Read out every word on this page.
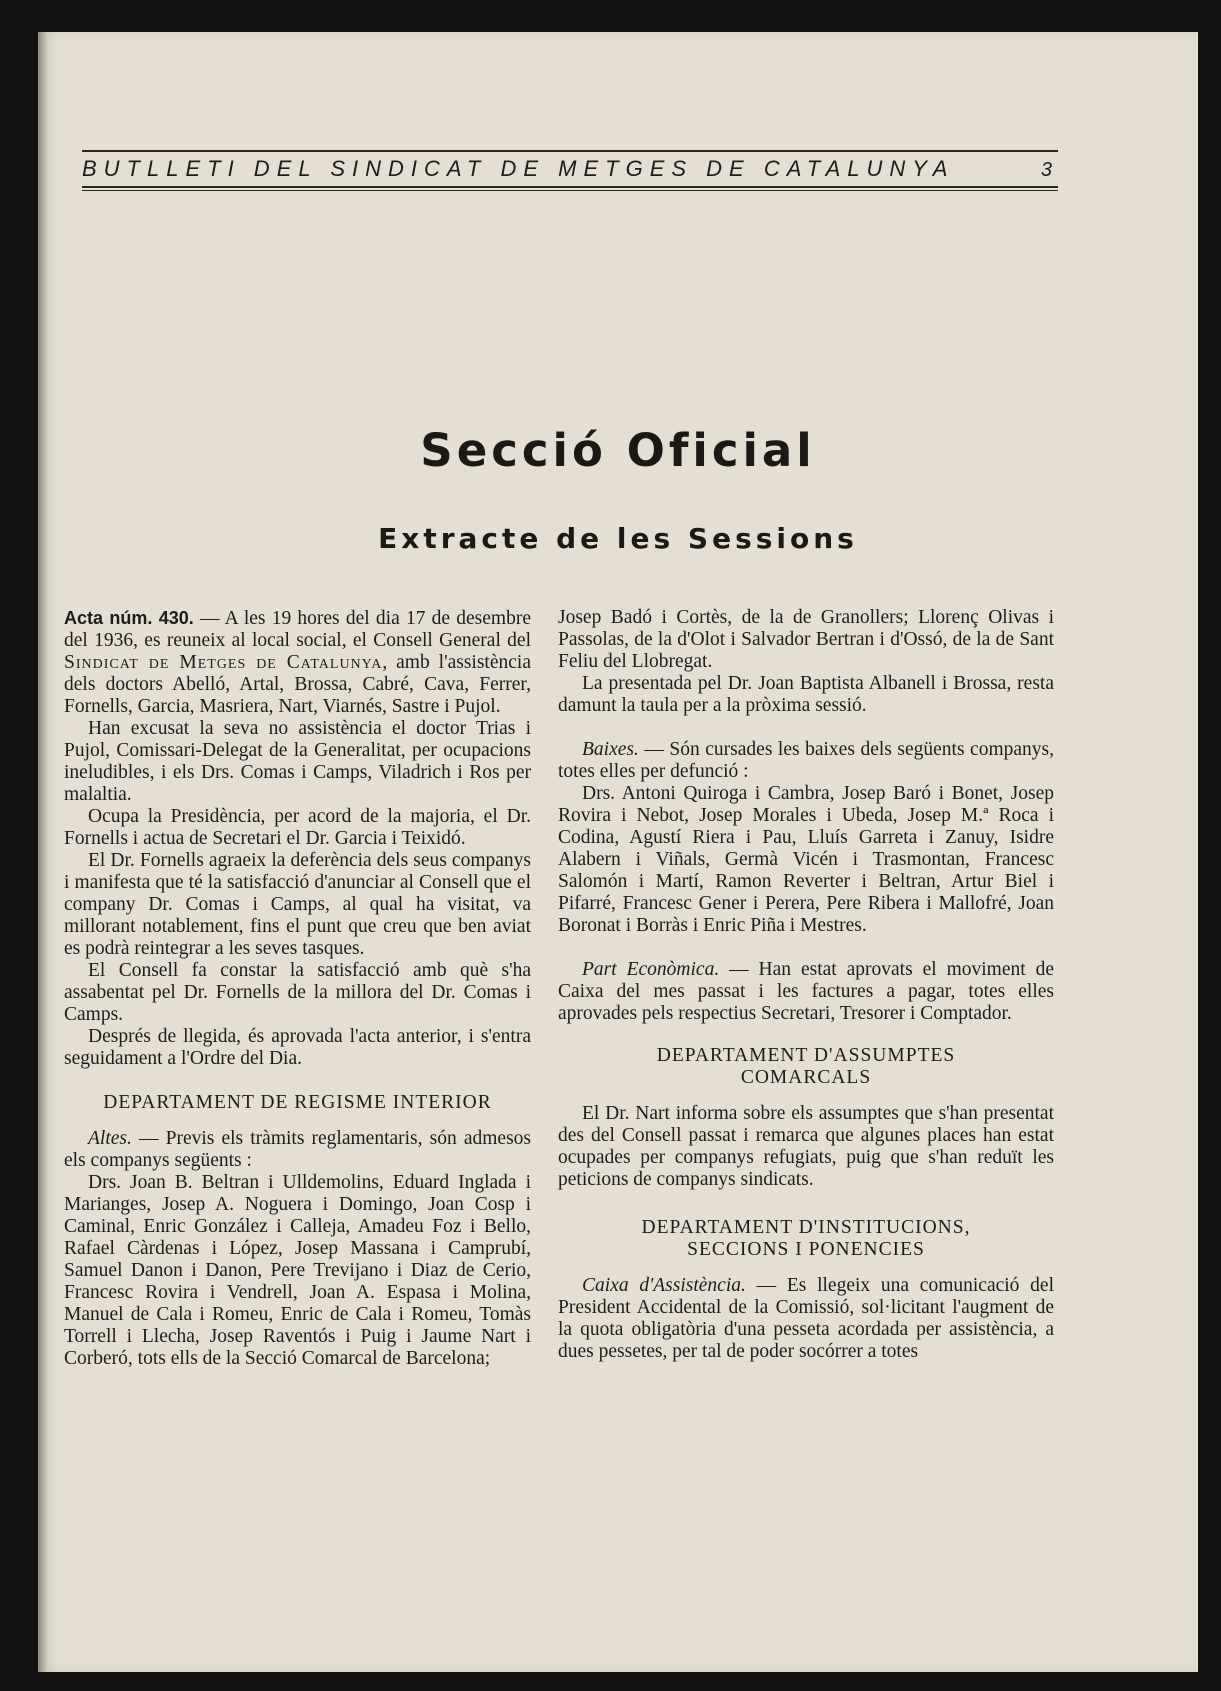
BUTLLETI DEL SINDICAT DE METGES DE CATALUNYA	3
Secció Oficial
Extracte de les Sessions

Acta núm. 430. — A les 19 hores del dia 17 de desembre del 1936, es reuneix al local social, el Consell General del Sindicat de Metges de Catalunya, amb l'assistència dels doctors Abelló, Artal, Brossa, Cabré, Cava, Ferrer, Fornells, Garcia, Masriera, Nart, Viarnés, Sastre i Pujol.

Han excusat la seva no assistència el doctor Trias i Pujol, Comissari-Delegat de la Generalitat, per ocupacions ineludibles, i els Drs. Comas i Camps, Viladrich i Ros per malaltia.

Ocupa la Presidència, per acord de la majoria, el Dr. Fornells i actua de Secretari el Dr. Garcia i Teixidó.

El Dr. Fornells agraeix la deferència dels seus companys i manifesta que té la satisfacció d'anunciar al Consell que el company Dr. Comas i Camps, al qual ha visitat, va millorant notablement, fins el punt que creu que ben aviat es podrà reintegrar a les seves tasques.

El Consell fa constar la satisfacció amb què s'ha assabentat pel Dr. Fornells de la millora del Dr. Comas i Camps.

Després de llegida, és aprovada l'acta anterior, i s'entra seguidament a l'Ordre del Dia.

DEPARTAMENT DE REGISME INTERIOR

Altes. — Previs els tràmits reglamentaris, són admesos els companys següents :

Drs. Joan B. Beltran i Ulldemolins, Eduard Inglada i Marianges, Josep A. Noguera i Domingo, Joan Cosp i Caminal, Enric González i Calleja, Amadeu Foz i Bello, Rafael Càrdenas i López, Josep Massana i Camprubí, Samuel Danon i Danon, Pere Trevijano i Diaz de Cerio, Francesc Rovira i Vendrell, Joan A. Espasa i Molina, Manuel de Cala i Romeu, Enric de Cala i Romeu, Tomàs Torrell i Llecha, Josep Raventós i Puig i Jaume Nart i Corberó, tots ells de la Secció Comarcal de Barcelona;

Josep Badó i Cortès, de la de Granollers; Llorenç Olivas i Passolas, de la d'Olot i Salvador Bertran i d'Ossó, de la de Sant Feliu del Llobregat.

La presentada pel Dr. Joan Baptista Albanell i Brossa, resta damunt la taula per a la pròxima sessió.

Baixes. — Són cursades les baixes dels següents companys, totes elles per defunció :

Drs. Antoni Quiroga i Cambra, Josep Baró i Bonet, Josep Rovira i Nebot, Josep Morales i Ubeda, Josep M.ª Roca i Codina, Agustí Riera i Pau, Lluís Garreta i Zanuy, Isidre Alabern i Viñals, Germà Vicén i Trasmontan, Francesc Salomón i Martí, Ramon Reverter i Beltran, Artur Biel i Pifarré, Francesc Gener i Perera, Pere Ribera i Mallofré, Joan Boronat i Borràs i Enric Piña i Mestres.

Part Econòmica. — Han estat aprovats el moviment de Caixa del mes passat i les factures a pagar, totes elles aprovades pels respectius Secretari, Tresorer i Comptador.

DEPARTAMENT D'ASSUMPTES
COMARCALS

El Dr. Nart informa sobre els assumptes que s'han presentat des del Consell passat i remarca que algunes places han estat ocupades per companys refugiats, puig que s'han reduït les peticions de companys sindicats.

DEPARTAMENT D'INSTITUCIONS,
SECCIONS I PONENCIES

Caixa d'Assistència. — Es llegeix una comunicació del President Accidental de la Comissió, sol·licitant l'augment de la quota obligatòria d'una pesseta acordada per assistència, a dues pessetes, per tal de poder socórrer a totes
